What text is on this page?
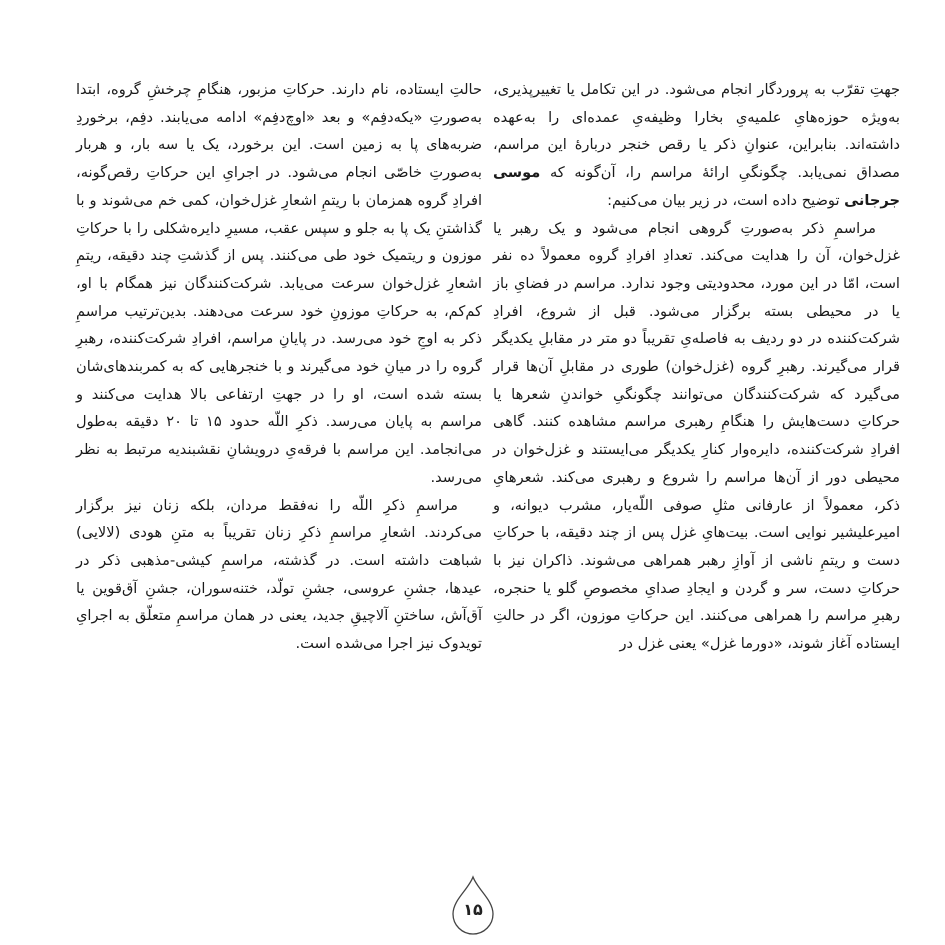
جهتِ تقرّب به پروردگار انجام می‌شود. در این تکامل یا تغییرپذیری، به‌ویژه حوزه‌هایِ علمیه‌یِ بخارا وظیفه‌یِ عمده‌ای را به‌عهده داشته‌اند. بنابراین، عنوانِ ذکر یا رقص خنجر دربارهٔ این مراسم، مصداق نمی‌یابد. چگونگیِ ارائهٔ مراسم را، آن‌گونه که موسی جرجانی توضیح داده است، در زیر بیان می‌کنیم:

مراسمِ ذکر به‌صورتِ گروهی انجام می‌شود و یک رهبر یا غزل‌خوان، آن را هدایت می‌کند. تعدادِ افرادِ گروه معمولاً ده نفر است، امّا در این مورد، محدودیتی وجود ندارد. مراسم در فضایِ باز یا در محیطی بسته برگزار می‌شود. قبل از شروع، افرادِ شرکت‌کننده در دو ردیف به فاصله‌یِ تقریباً دو متر در مقابلِ یکدیگر قرار می‌گیرند. رهبرِ گروه (غزل‌خوان) طوری در مقابلِ آن‌ها قرار می‌گیرد که شرکت‌کنندگان می‌توانند چگونگیِ خواندنِ شعرها یا حرکاتِ دست‌هایش را هنگامِ رهبری مراسم مشاهده کنند. گاهی افرادِ شرکت‌کننده، دایره‌وار کنارِ یکدیگر می‌ایستند و غزل‌خوان در محیطی دور از آن‌ها مراسم را شروع و رهبری می‌کند. شعرهایِ ذکر، معمولاً از عارفانی مثلِ صوفی اللّه‌یار، مشرب دیوانه، و امیرعلیشیر نوایی است. بیت‌هایِ غزل پس از چند دقیقه، با حرکاتِ دست و ریتمِ ناشی از آوازِ رهبر همراهی می‌شوند. ذاکران نیز با حرکاتِ دست، سر و گردن و ایجادِ صدایِ مخصوصِ گلو یا حنجره، رهبرِ مراسم را همراهی می‌کنند. این حرکاتِ موزون، اگر در حالتِ ایستاده آغاز شوند، «دورما غزل» یعنی غزل در

حالتِ ایستاده، نام دارند. حرکاتِ مزبور، هنگامِ چرخشِ گروه، ابتدا به‌صورتِ «یکه‌دفِم» و بعد «اوچ‌دفِم» ادامه می‌یابند. دفِم، برخوردِ ضربه‌های پا به زمین است. این برخورد، یک یا سه بار، و هربار به‌صورتِ خاصّی انجام می‌شود. در اجرایِ این حرکاتِ رقص‌گونه، افرادِ گروه همزمان با ریتمِ اشعارِ غزل‌خوان، کمی خم می‌شوند و با گذاشتنِ یک پا به جلو و سپس عقب، مسیرِ دایره‌شکلی را با حرکاتِ موزون و ریتمیک خود طی می‌کنند. پس از گذشتِ چند دقیقه، ریتمِ اشعارِ غزل‌خوان سرعت می‌یابد. شرکت‌کنندگان نیز همگام با او، کم‌کم، به حرکاتِ موزونِ خود سرعت می‌دهند. بدین‌ترتیب مراسمِ ذکر به اوجِ خود می‌رسد. در پایانِ مراسم، افرادِ شرکت‌کننده، رهبرِ گروه را در میانِ خود می‌گیرند و با خنجرهایی که به کمربندهای‌شان بسته شده است، او را در جهتِ ارتفاعی بالا هدایت می‌کنند و مراسم به پایان می‌رسد. ذکرِ اللّه حدود ۱۵ تا ۲۰ دقیقه به‌طول می‌انجامد. این مراسم با فرقه‌یِ درویشانِ نقشبندیه مرتبط به نظر می‌رسد.

مراسمِ ذکرِ اللّه را نه‌فقط مردان، بلکه زنان نیز برگزار می‌کردند. اشعارِ مراسمِ ذکرِ زنان تقریباً به متنِ هودی (لالایی) شباهت داشته است. در گذشته، مراسمِ کیشی-مذهبی ذکر در عیدها، جشنِ عروسی، جشنِ تولّد، ختنه‌سوران، جشنِ آق‌قوین یا آق‌آش، ساختنِ آلاچیقِ جدید، یعنی در همان مراسمِ متعلّق به اجرایِ تویدوک نیز اجرا می‌شده است.

۱۵
